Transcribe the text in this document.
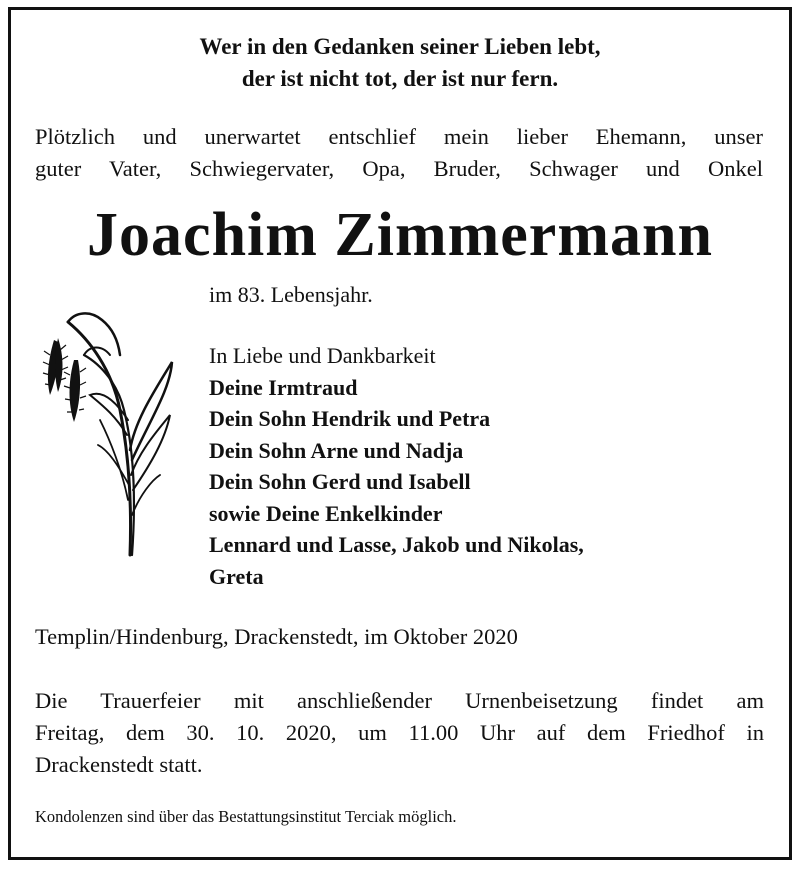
Wer in den Gedanken seiner Lieben lebt,
der ist nicht tot, der ist nur fern.
Plötzlich und unerwartet entschlief mein lieber Ehemann, unser
guter Vater, Schwiegervater, Opa, Bruder, Schwager und Onkel
Joachim Zimmermann
im 83. Lebensjahr.
In Liebe und Dankbarkeit
Deine Irmtraud
Dein Sohn Hendrik und Petra
Dein Sohn Arne und Nadja
Dein Sohn Gerd und Isabell
sowie Deine Enkelkinder
Lennard und Lasse, Jakob und Nikolas,
Greta
Templin/Hindenburg, Drackenstedt, im Oktober 2020
Die Trauerfeier mit anschließender Urnenbeisetzung findet am
Freitag, dem 30. 10. 2020, um 11.00 Uhr auf dem Friedhof in
Drackenstedt statt.
Kondolenzen sind über das Bestattungsinstitut Terciak möglich.
